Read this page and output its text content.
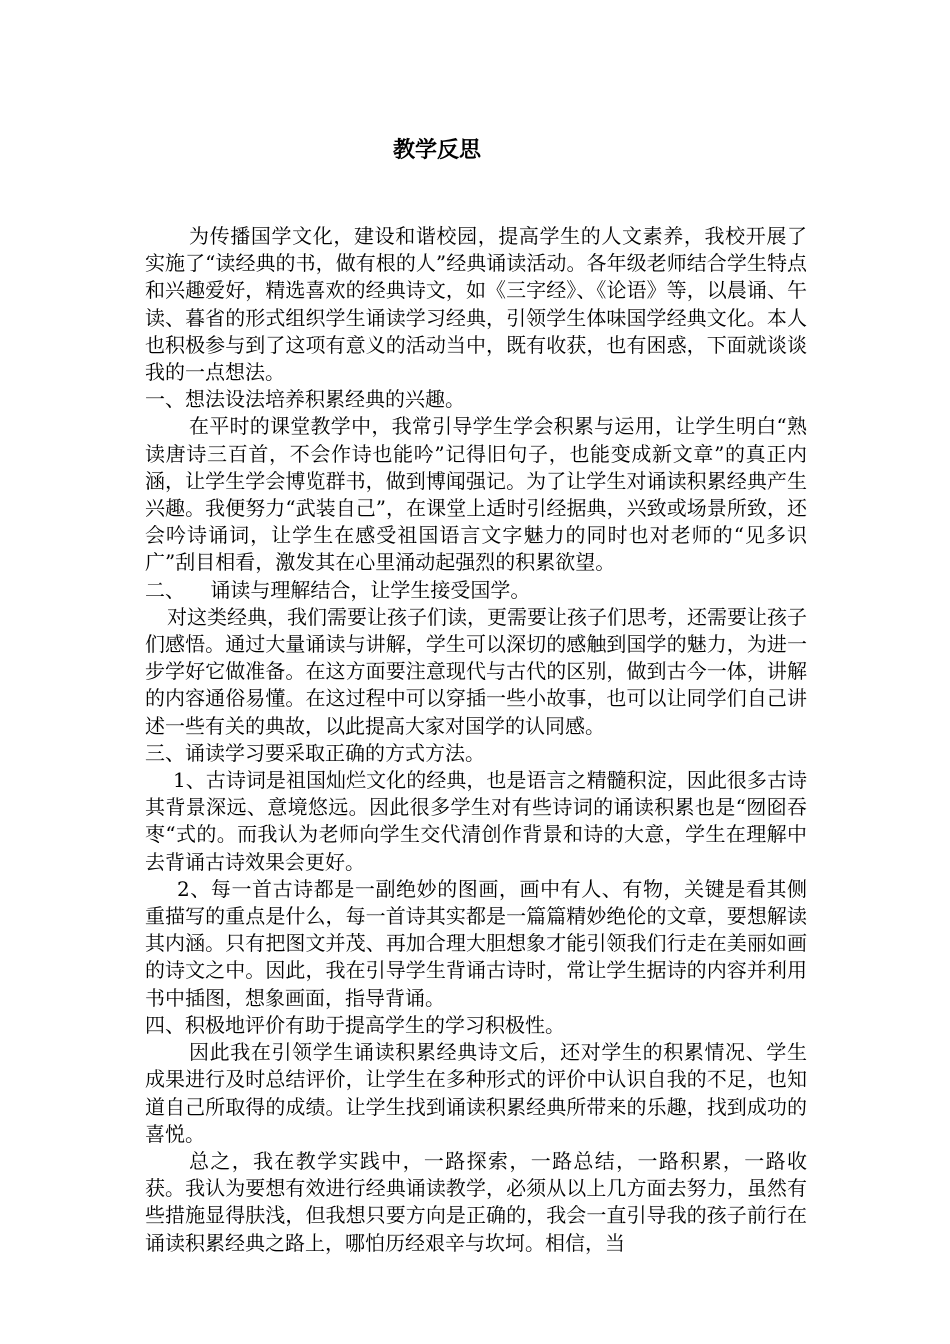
教学反思

为传播国学文化，建设和谐校园，提高学生的人文素养，我校开展了实施了“读经典的书，做有根的人”经典诵读活动。各年级老师结合学生特点和兴趣爱好，精选喜欢的经典诗文，如《三字经》、《论语》等，以晨诵、午读、暮省的形式组织学生诵读学习经典，引领学生体味国学经典文化。本人也积极参与到了这项有意义的活动当中，既有收获，也有困惑，下面就谈谈我的一点想法。

一、想法设法培养积累经典的兴趣。

在平时的课堂教学中，我常引导学生学会积累与运用，让学生明白“熟读唐诗三百首，不会作诗也能吟”记得旧句子，也能变成新文章”的真正内涵，让学生学会博览群书，做到博闻强记。为了让学生对诵读积累经典产生兴趣。我便努力“武装自己”，在课堂上适时引经据典，兴致或场景所致，还会吟诗诵词，让学生在感受祖国语言文字魅力的同时也对老师的“见多识广”刮目相看，激发其在心里涌动起强烈的积累欲望。

二、    诵读与理解结合，让学生接受国学。

对这类经典，我们需要让孩子们读，更需要让孩子们思考，还需要让孩子们感悟。通过大量诵读与讲解，学生可以深切的感触到国学的魅力，为进一步学好它做准备。在这方面要注意现代与古代的区别，做到古今一体，讲解的内容通俗易懂。在这过程中可以穿插一些小故事，也可以让同学们自己讲述一些有关的典故，以此提高大家对国学的认同感。

三、诵读学习要采取正确的方式方法。

1、古诗词是祖国灿烂文化的经典，也是语言之精髓积淀，因此很多古诗其背景深远、意境悠远。因此很多学生对有些诗词的诵读积累也是“囫囵吞枣“式的。而我认为老师向学生交代清创作背景和诗的大意，学生在理解中去背诵古诗效果会更好。

2、每一首古诗都是一副绝妙的图画，画中有人、有物，关键是看其侧重描写的重点是什么，每一首诗其实都是一篇篇精妙绝伦的文章，要想解读其内涵。只有把图文并茂、再加合理大胆想象才能引领我们行走在美丽如画的诗文之中。因此，我在引导学生背诵古诗时，常让学生据诗的内容并利用书中插图，想象画面，指导背诵。

四、积极地评价有助于提高学生的学习积极性。

因此我在引领学生诵读积累经典诗文后，还对学生的积累情况、学生成果进行及时总结评价，让学生在多种形式的评价中认识自我的不足，也知道自己所取得的成绩。让学生找到诵读积累经典所带来的乐趣，找到成功的喜悦。

总之，我在教学实践中，一路探索，一路总结，一路积累，一路收获。我认为要想有效进行经典诵读教学，必须从以上几方面去努力，虽然有些措施显得肤浅，但我想只要方向是正确的，我会一直引导我的孩子前行在诵读积累经典之路上，哪怕历经艰辛与坎坷。相信，当
